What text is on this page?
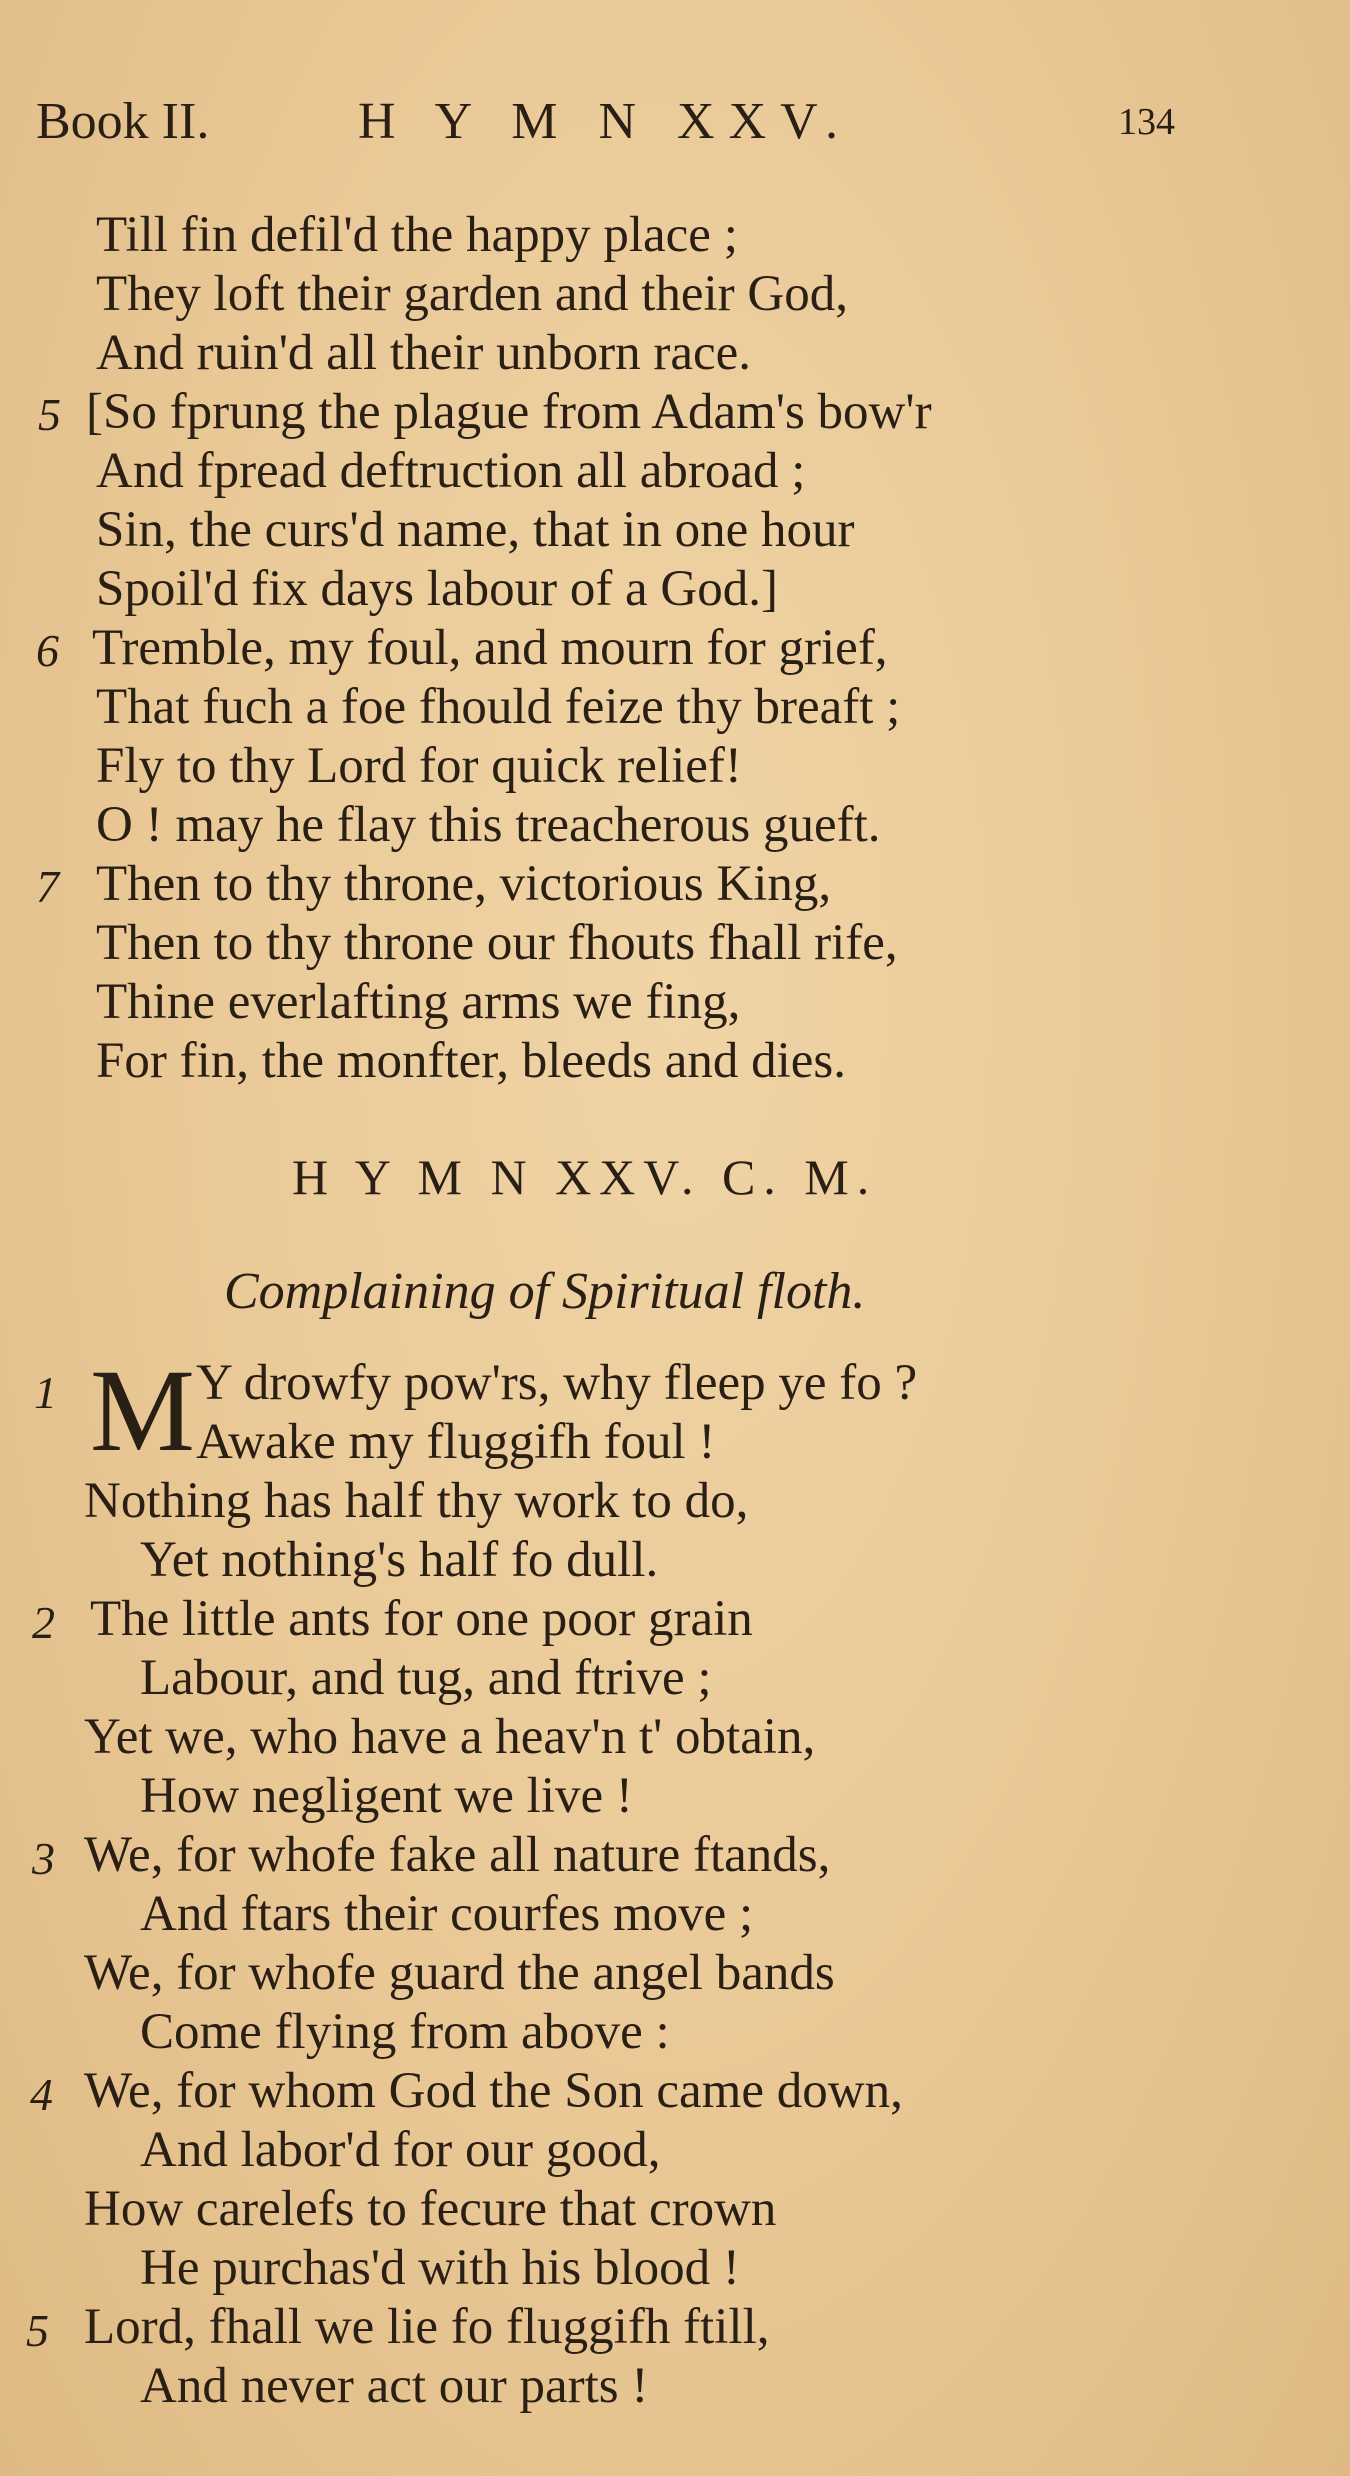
Book II.	H Y M N XXV.	134
Till fin defil'd the happy place ;
They loft their garden and their God,
And ruin'd all their unborn race.
5 [So fprung the plague from Adam's bow'r
And fpread deftruction all abroad ;
Sin, the curs'd name, that in one hour
Spoil'd fix days labour of a God.]
6 Tremble, my foul, and mourn for grief,
That fuch a foe fhould feize thy breaft ;
Fly to thy Lord for quick relief!
O ! may he flay this treacherous gueft.
7 Then to thy throne, victorious King,
Then to thy throne our fhouts fhall rife,
Thine everlafting arms we fing,
For fin, the monfter, bleeds and dies.
H Y M N XXV. C. M.
Complaining of Spiritual floth.
1 M Y drowfy pow'rs, why fleep ye fo ?
Awake my fluggifh foul !
Nothing has half thy work to do,
Yet nothing's half fo dull.
2 The little ants for one poor grain
Labour, and tug, and ftrive ;
Yet we, who have a heav'n t' obtain,
How negligent we live !
3 We, for whofe fake all nature ftands,
And ftars their courfes move ;
We, for whofe guard the angel bands
Come flying from above :
4 We, for whom God the Son came down,
And labor'd for our good,
How carelefs to fecure that crown
He purchas'd with his blood !
5 Lord, fhall we lie fo fluggifh ftill,
And never act our parts !
